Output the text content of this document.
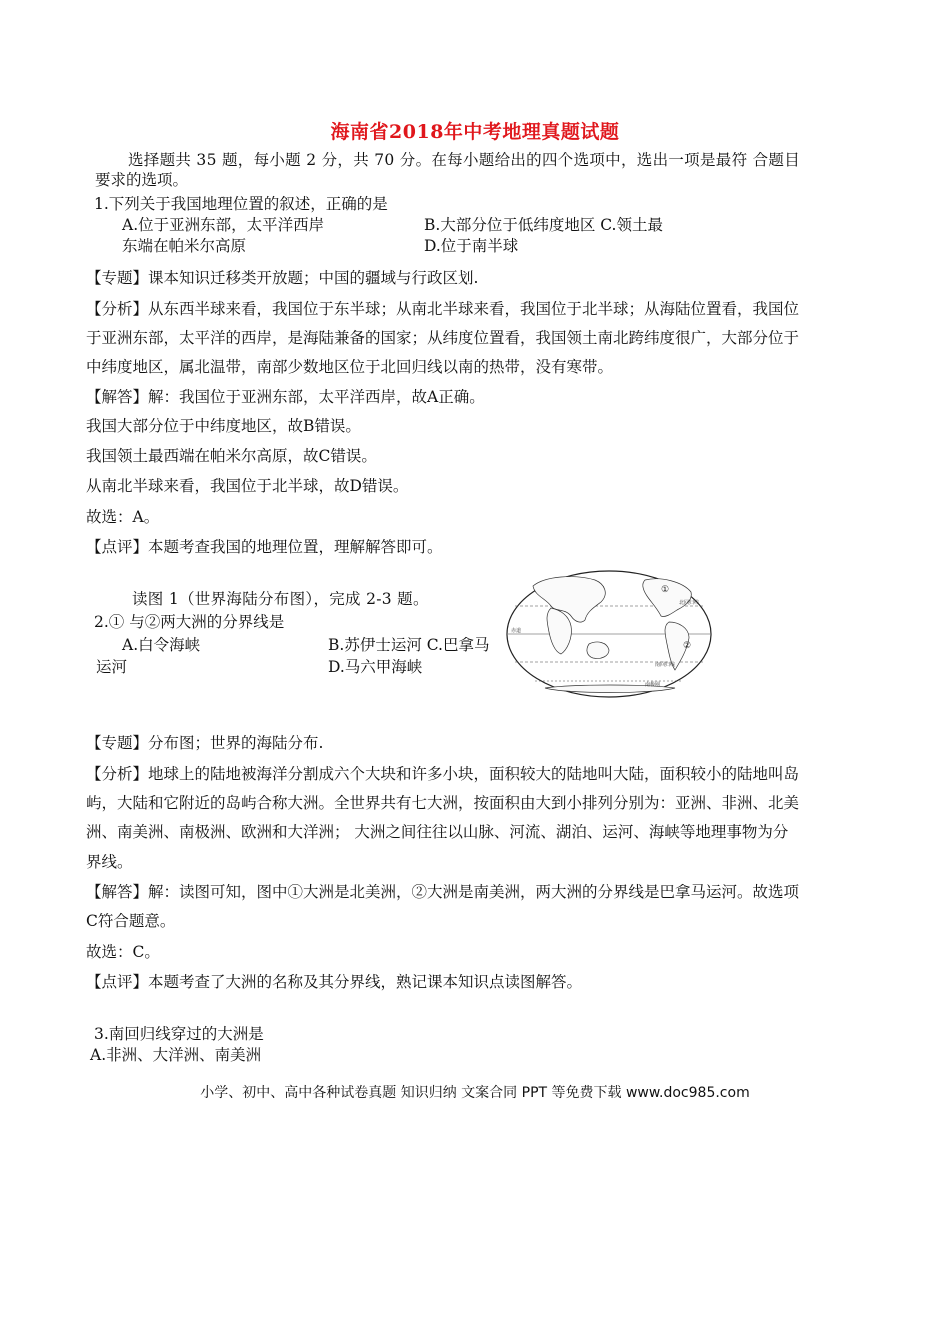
海南省2018年中考地理真题试题
选择题共 35 题，每小题 2 分，共 70 分。在每小题给出的四个选项中，选出一项是最符 合题目
要求的选项。
1.下列关于我国地理位置的叙述，正确的是
A.位于亚洲东部，太平洋西岸	B.大部分位于低纬度地区 C.领土最
东端在帕米尔高原	D.位于南半球
【专题】课本知识迁移类开放题；中国的疆域与行政区划.
【分析】从东西半球来看，我国位于东半球；从南北半球来看，我国位于北半球；从海陆位置看，我国位
于亚洲东部，太平洋的西岸，是海陆兼备的国家；从纬度位置看，我国领土南北跨纬度很广，大部分位于
中纬度地区，属北温带，南部少数地区位于北回归线以南的热带，没有寒带。
【解答】解：我国位于亚洲东部，太平洋西岸，故A正确。
我国大部分位于中纬度地区，故B错误。
我国领土最西端在帕米尔高原，故C错误。
从南北半球来看，我国位于北半球，故D错误。
故选：A。
【点评】本题考查我国的地理位置，理解解答即可。
读图 1（世界海陆分布图），完成 2-3 题。
2.① 与②两大洲的分界线是
A.白令海峡	B.苏伊士运河 C.巴拿马
运河	D.马六甲海峡
①
②
北回归线
赤道
南回归线
南极圈
【专题】分布图；世界的海陆分布.
【分析】地球上的陆地被海洋分割成六个大块和许多小块，面积较大的陆地叫大陆，面积较小的陆地叫岛
屿，大陆和它附近的岛屿合称大洲。全世界共有七大洲，按面积由大到小排列分别为：亚洲、非洲、北美
洲、南美洲、南极洲、欧洲和大洋洲； 大洲之间往往以山脉、河流、湖泊、运河、海峡等地理事物为分
界线。
【解答】解：读图可知，图中①大洲是北美洲，②大洲是南美洲，两大洲的分界线是巴拿马运河。故选项
C符合题意。
故选：C。
【点评】本题考查了大洲的名称及其分界线，熟记课本知识点读图解答。
3.南回归线穿过的大洲是
A.非洲、大洋洲、南美洲
小学、初中、高中各种试卷真题 知识归纳 文案合同 PPT 等免费下载 www.doc985.com
